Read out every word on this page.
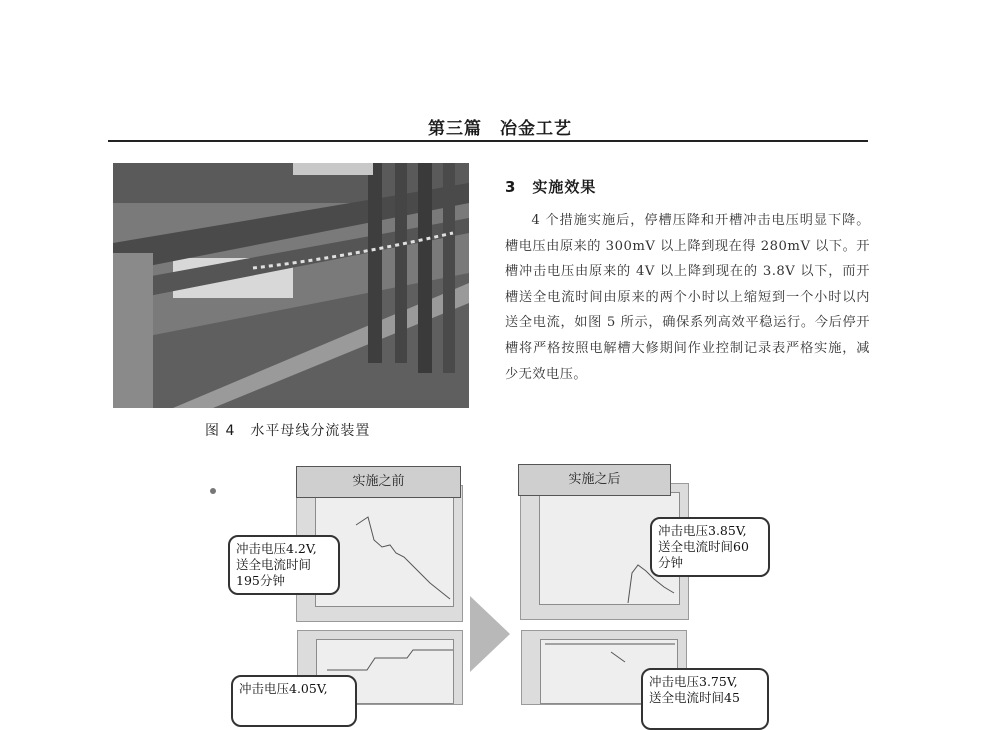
第三篇　冶金工艺
图 4　水平母线分流装置
3　实施效果
4 个措施实施后，停槽压降和开槽冲击电压明显下降。槽电压由原来的 300mV 以上降到现在得 280mV 以下。开槽冲击电压由原来的 4V 以上降到现在的 3.8V 以下，而开槽送全电流时间由原来的两个小时以上缩短到一个小时以内送全电流，如图 5 所示，确保系列高效平稳运行。今后停开槽将严格按照电解槽大修期间作业控制记录表严格实施，减少无效电压。
实施之前	实施之后
冲击电压4.2V,
送全电流时间
195分钟
冲击电压3.85V,
送全电流时间60
分钟
冲击电压4.05V,	冲击电压3.75V,
送全电流时间45
